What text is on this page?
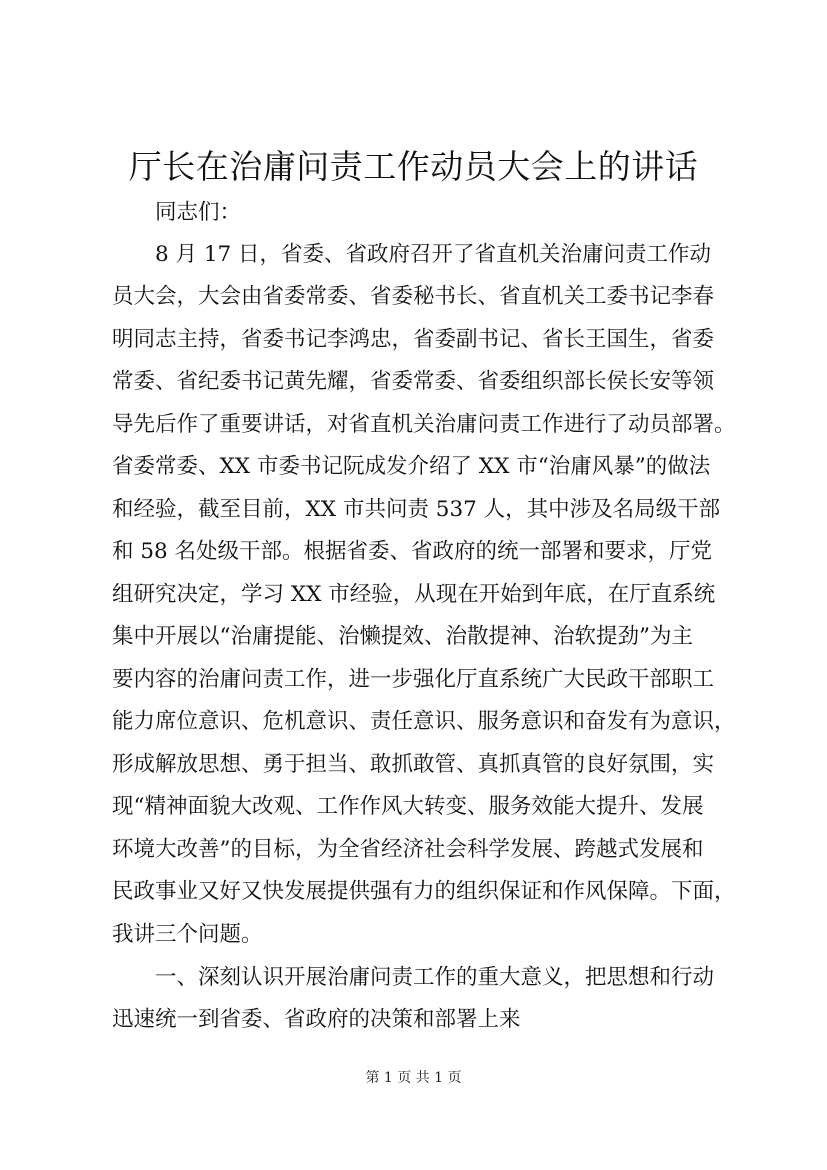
厅长在治庸问责工作动员大会上的讲话

同志们：

8 月 17 日，省委、省政府召开了省直机关治庸问责工作动

员大会，大会由省委常委、省委秘书长、省直机关工委书记李春

明同志主持，省委书记李鸿忠，省委副书记、省长王国生，省委

常委、省纪委书记黄先耀，省委常委、省委组织部长侯长安等领

导先后作了重要讲话，对省直机关治庸问责工作进行了动员部署。

省委常委、XX 市委书记阮成发介绍了 XX 市“治庸风暴”的做法

和经验，截至目前，XX 市共问责 537 人，其中涉及名局级干部

和 58 名处级干部。根据省委、省政府的统一部署和要求，厅党

组研究决定，学习 XX 市经验，从现在开始到年底，在厅直系统

集中开展以“治庸提能、治懒提效、治散提神、治软提劲”为主

要内容的治庸问责工作，进一步强化厅直系统广大民政干部职工

能力席位意识、危机意识、责任意识、服务意识和奋发有为意识，

形成解放思想、勇于担当、敢抓敢管、真抓真管的良好氛围，实

现“精神面貌大改观、工作作风大转变、服务效能大提升、发展

环境大改善”的目标，为全省经济社会科学发展、跨越式发展和

民政事业又好又快发展提供强有力的组织保证和作风保障。下面，

我讲三个问题。

一、深刻认识开展治庸问责工作的重大意义，把思想和行动

迅速统一到省委、省政府的决策和部署上来

第 1 页 共 1 页
